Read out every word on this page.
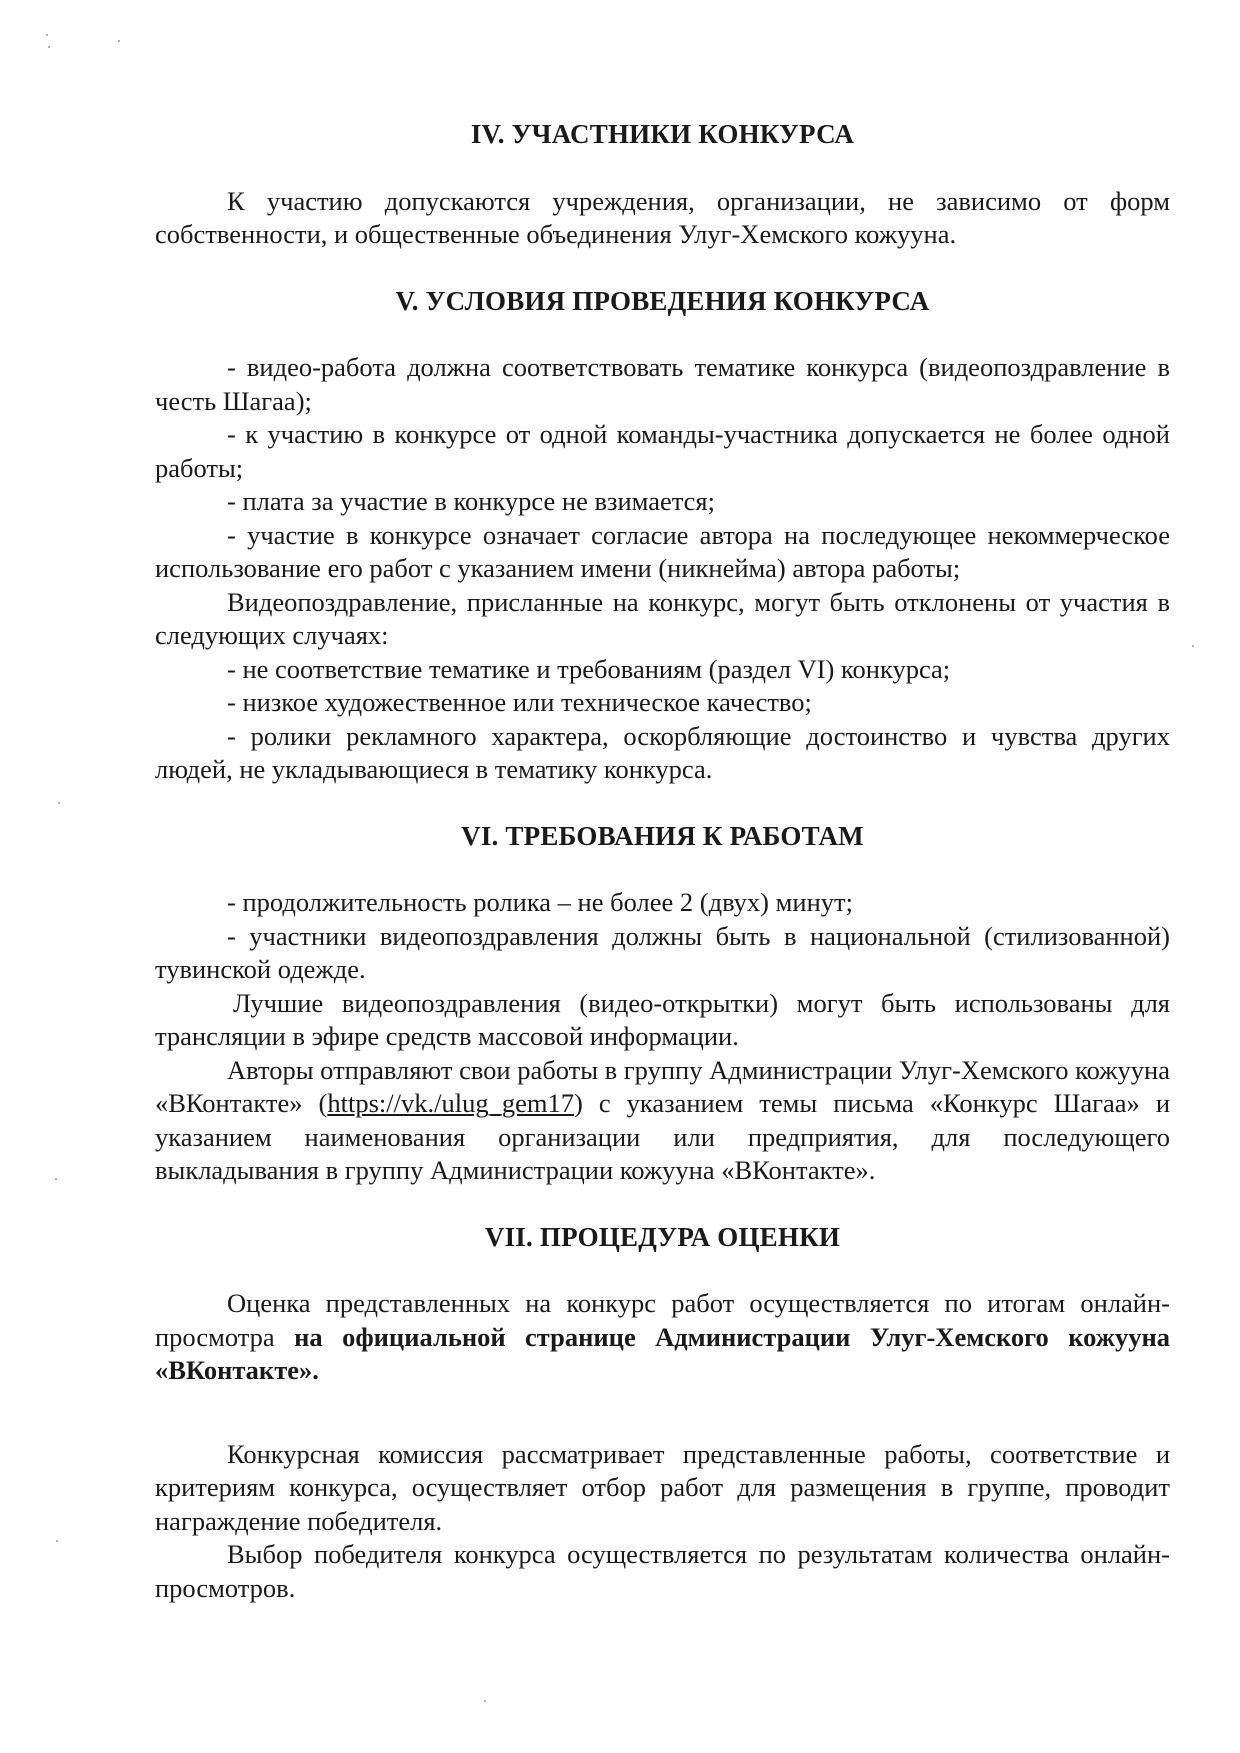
IV. УЧАСТНИКИ КОНКУРСА

К участию допускаются учреждения, организации, не зависимо от форм собственности, и общественные объединения Улуг-Хемского кожууна.

V. УСЛОВИЯ ПРОВЕДЕНИЯ КОНКУРСА

- видео-работа должна соответствовать тематике конкурса (видеопоздравление в честь Шагаа);

- к участию в конкурсе от одной команды-участника допускается не более одной работы;

- плата за участие в конкурсе не взимается;

- участие в конкурсе означает согласие автора на последующее некоммерческое использование его работ с указанием имени (никнейма) автора работы;

Видеопоздравление, присланные на конкурс, могут быть отклонены от участия в следующих случаях:

- не соответствие тематике и требованиям (раздел VI) конкурса;

- низкое художественное или техническое качество;

- ролики рекламного характера, оскорбляющие достоинство и чувства других людей, не укладывающиеся в тематику конкурса.

VI. ТРЕБОВАНИЯ К РАБОТАМ

- продолжительность ролика – не более 2 (двух) минут;

- участники видеопоздравления должны быть в национальной (стилизованной) тувинской одежде.

Лучшие видеопоздравления (видео-открытки) могут быть использованы для трансляции в эфире средств массовой информации.

Авторы отправляют свои работы в группу Администрации Улуг-Хемского кожууна «ВКонтакте» (https://vk./ulug_gem17) с указанием темы письма «Конкурс Шагаа» и указанием наименования организации или предприятия, для последующего выкладывания в группу Администрации кожууна «ВКонтакте».

VII. ПРОЦЕДУРА ОЦЕНКИ

Оценка представленных на конкурс работ осуществляется по итогам онлайн-просмотра на официальной странице Администрации Улуг-Хемского кожууна «ВКонтакте».

Конкурсная комиссия рассматривает представленные работы, соответствие и критериям конкурса, осуществляет отбор работ для размещения в группе, проводит награждение победителя.

Выбор победителя конкурса осуществляется по результатам количества онлайн-просмотров.
